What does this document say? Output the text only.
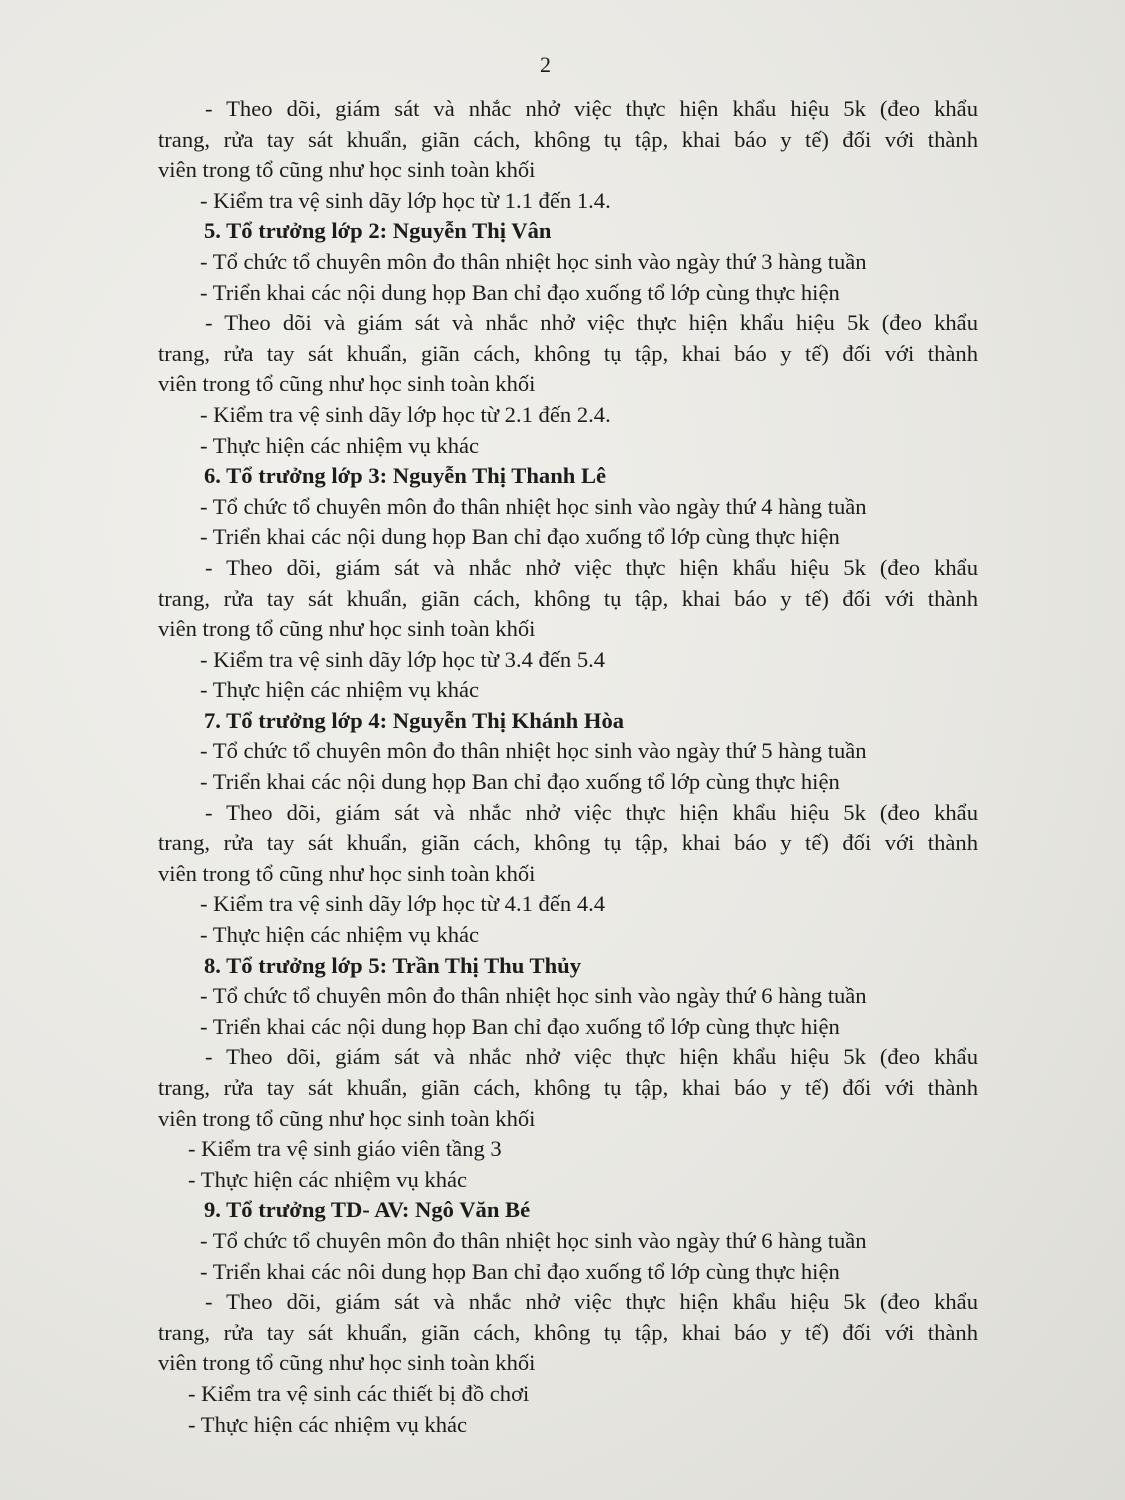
2
- Theo dõi, giám sát và nhắc nhở việc thực hiện khẩu hiệu 5k (đeo khẩu
trang, rửa tay sát khuẩn, giãn cách, không tụ tập, khai báo y tế) đối với thành
viên trong tổ cũng như học sinh toàn khối
- Kiểm tra vệ sinh dãy lớp học từ 1.1 đến 1.4.
5. Tổ trưởng lớp 2: Nguyễn Thị Vân
- Tổ chức tổ chuyên môn đo thân nhiệt học sinh vào ngày thứ 3 hàng tuần
- Triển khai các nội dung họp Ban chỉ đạo xuống tổ lớp cùng thực hiện
- Theo dõi và giám sát và nhắc nhở việc thực hiện khẩu hiệu 5k (đeo khẩu
trang, rửa tay sát khuẩn, giãn cách, không tụ tập, khai báo y tế) đối với thành
viên trong tổ cũng như học sinh toàn khối
- Kiểm tra vệ sinh dãy lớp học từ 2.1 đến 2.4.
- Thực hiện các nhiệm vụ khác
6. Tổ trưởng lớp 3: Nguyễn Thị Thanh Lê
- Tổ chức tổ chuyên môn đo thân nhiệt học sinh vào ngày thứ 4 hàng tuần
- Triển khai các nội dung họp Ban chỉ đạo xuống tổ lớp cùng thực hiện
- Theo dõi, giám sát và nhắc nhở việc thực hiện khẩu hiệu 5k (đeo khẩu
trang, rửa tay sát khuẩn, giãn cách, không tụ tập, khai báo y tế) đối với thành
viên trong tổ cũng như học sinh toàn khối
- Kiểm tra vệ sinh dãy lớp học từ 3.4 đến 5.4
- Thực hiện các nhiệm vụ khác
7. Tổ trưởng lớp 4: Nguyễn Thị Khánh Hòa
- Tổ chức tổ chuyên môn đo thân nhiệt học sinh vào ngày thứ 5 hàng tuần
- Triển khai các nội dung họp Ban chỉ đạo xuống tổ lớp cùng thực hiện
- Theo dõi, giám sát và nhắc nhở việc thực hiện khẩu hiệu 5k (đeo khẩu
trang, rửa tay sát khuẩn, giãn cách, không tụ tập, khai báo y tế) đối với thành
viên trong tổ cũng như học sinh toàn khối
- Kiểm tra vệ sinh dãy lớp học từ 4.1 đến 4.4
- Thực hiện các nhiệm vụ khác
8. Tổ trưởng lớp 5: Trần Thị Thu Thủy
- Tổ chức tổ chuyên môn đo thân nhiệt học sinh vào ngày thứ 6 hàng tuần
- Triển khai các nội dung họp Ban chỉ đạo xuống tổ lớp cùng thực hiện
- Theo dõi, giám sát và nhắc nhở việc thực hiện khẩu hiệu 5k (đeo khẩu
trang, rửa tay sát khuẩn, giãn cách, không tụ tập, khai báo y tế) đối với thành
viên trong tổ cũng như học sinh toàn khối
- Kiểm tra vệ sinh giáo viên tầng 3
- Thực hiện các nhiệm vụ khác
9. Tổ trưởng TD- AV: Ngô Văn Bé
- Tổ chức tổ chuyên môn đo thân nhiệt học sinh vào ngày thứ 6 hàng tuần
- Triển khai các nôi dung họp Ban chỉ đạo xuống tổ lớp cùng thực hiện
- Theo dõi, giám sát và nhắc nhở việc thực hiện khẩu hiệu 5k (đeo khẩu
trang, rửa tay sát khuẩn, giãn cách, không tụ tập, khai báo y tế) đối với thành
viên trong tổ cũng như học sinh toàn khối
- Kiểm tra vệ sinh các thiết bị đồ chơi
- Thực hiện các nhiệm vụ khác
